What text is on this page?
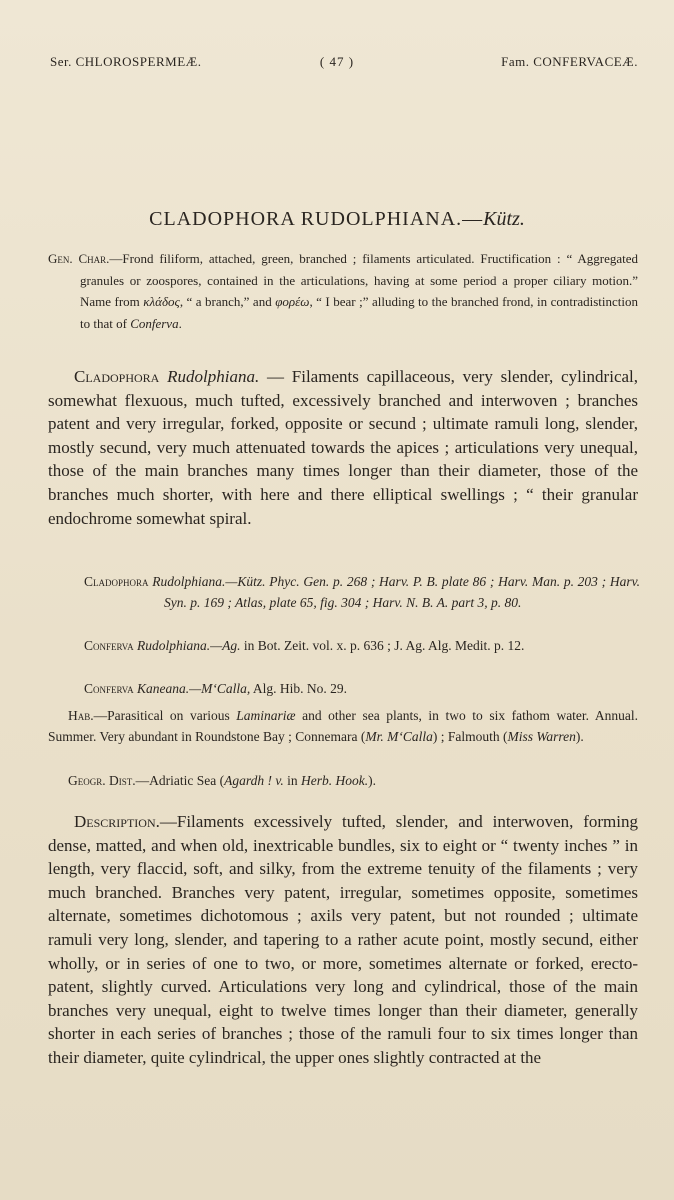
Ser. CHLOROSPERMEÆ.	( 47 )	Fam. CONFERVACEÆ.
CLADOPHORA RUDOLPHIANA.—Kütz.
Gen. Char.—Frond filiform, attached, green, branched ; filaments articulated. Fructification : “ Aggregated granules or zoospores, contained in the articulations, having at some period a proper ciliary motion.” Name from κλάδος, “ a branch,” and φορέω, “ I bear ;” alluding to the branched frond, in contradistinction to that of Conferva.

Cladophora Rudolphiana. — Filaments capillaceous, very slender, cylindrical, somewhat flexuous, much tufted, excessively branched and interwoven ; branches patent and very irregular, forked, opposite or secund ; ultimate ramuli long, slender, mostly secund, very much attenuated towards the apices ; articulations very unequal, those of the main branches many times longer than their diameter, those of the branches much shorter, with here and there elliptical swellings ; “ their granular endochrome somewhat spiral.

Cladophora Rudolphiana.—Kütz. Phyc. Gen. p. 268 ; Harv. P. B. plate 86 ; Harv. Man. p. 203 ; Harv. Syn. p. 169 ; Atlas, plate 65, fig. 304 ; Harv. N. B. A. part 3, p. 80.

Conferva Rudolphiana.—Ag. in Bot. Zeit. vol. x. p. 636 ; J. Ag. Alg. Medit. p. 12.

Conferva Kaneana.—M‘Calla, Alg. Hib. No. 29.

Hab.—Parasitical on various Laminariæ and other sea plants, in two to six fathom water. Annual. Summer. Very abundant in Roundstone Bay ; Connemara (Mr. M‘Calla) ; Falmouth (Miss Warren).

Geogr. Dist.—Adriatic Sea (Agardh ! v. in Herb. Hook.).

Description.—Filaments excessively tufted, slender, and interwoven, forming dense, matted, and when old, inextricable bundles, six to eight or “ twenty inches ” in length, very flaccid, soft, and silky, from the extreme tenuity of the filaments ; very much branched. Branches very patent, irregular, sometimes opposite, sometimes alternate, sometimes dichotomous ; axils very patent, but not rounded ; ultimate ramuli very long, slender, and tapering to a rather acute point, mostly secund, either wholly, or in series of one to two, or more, sometimes alternate or forked, erecto-patent, slightly curved. Articulations very long and cylindrical, those of the main branches very unequal, eight to twelve times longer than their diameter, generally shorter in each series of branches ; those of the ramuli four to six times longer than their diameter, quite cylindrical, the upper ones slightly contracted at the
